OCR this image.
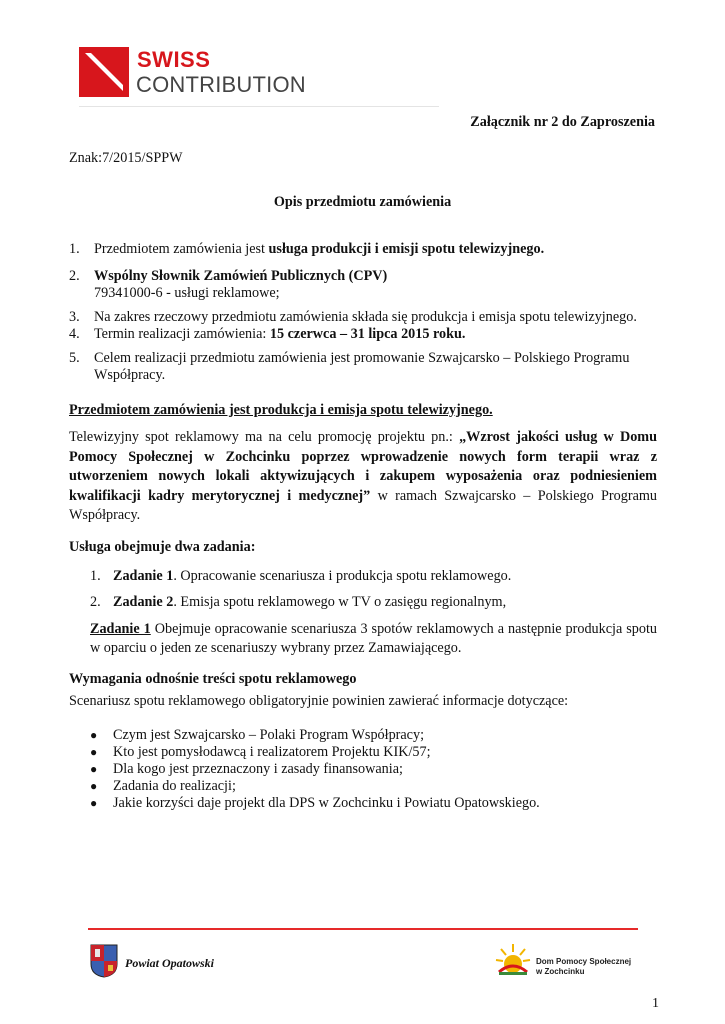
SWISS
CONTRIBUTION
Załącznik nr 2 do Zaproszenia
Znak:7/2015/SPPW
Opis przedmiotu zamówienia
1.	Przedmiotem zamówienia jest usługa produkcji i emisji spotu telewizyjnego.
2.	Wspólny Słownik Zamówień Publicznych (CPV)
79341000-6 - usługi reklamowe;
3.	Na zakres rzeczowy przedmiotu zamówienia składa się produkcja i emisja spotu telewizyjnego.
4.	Termin realizacji zamówienia: 15 czerwca – 31 lipca 2015 roku.
5.	Celem realizacji przedmiotu zamówienia jest promowanie Szwajcarsko – Polskiego Programu Współpracy.
Przedmiotem zamówienia jest produkcja i emisja spotu telewizyjnego.
Telewizyjny spot reklamowy ma na celu promocję projektu pn.: „Wzrost jakości usług w Domu Pomocy Społecznej w Zochcinku poprzez wprowadzenie nowych form terapii wraz z utworzeniem nowych lokali aktywizujących i zakupem wyposażenia oraz podniesieniem kwalifikacji kadry merytorycznej i medycznej” w ramach Szwajcarsko – Polskiego Programu Współpracy.
Usługa obejmuje dwa zadania:
1. Zadanie 1. Opracowanie scenariusza i produkcja spotu reklamowego.
2. Zadanie 2. Emisja spotu reklamowego w TV o zasięgu regionalnym,
Zadanie 1 Obejmuje opracowanie scenariusza 3 spotów reklamowych a następnie produkcja spotu w oparciu o jeden ze scenariuszy wybrany przez Zamawiającego.
Wymagania odnośnie treści spotu reklamowego
Scenariusz spotu reklamowego obligatoryjnie powinien zawierać informacje dotyczące:
● Czym jest Szwajcarsko – Polaki Program Współpracy;
● Kto jest pomysłodawcą i realizatorem Projektu KIK/57;
● Dla kogo jest przeznaczony i zasady finansowania;
● Zadania do realizacji;
● Jakie korzyści daje projekt dla DPS w Zochcinku i Powiatu Opatowskiego.
Powiat Opatowski	Dom Pomocy Społecznej
w Zochcinku
1
